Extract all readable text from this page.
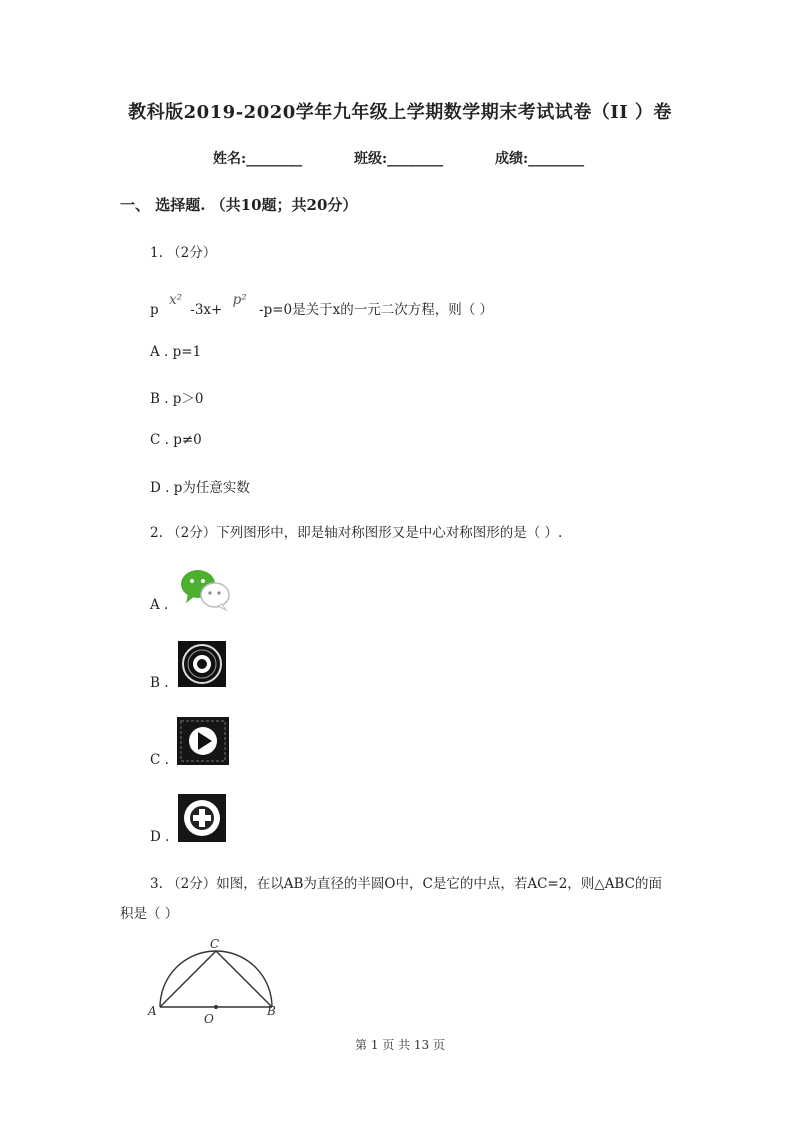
教科版2019-2020学年九年级上学期数学期末考试试卷（II ）卷
姓名:________	班级:________	成绩:________
一、 选择题. （共10题；共20分）
1. （2分）
p x² -3x+ p² -p=0是关于x的一元二次方程，则（ ）
A . p=1
B . p＞0
C . p≠0
D . p为任意实数
2. （2分）下列图形中，即是轴对称图形又是中心对称图形的是（ ）.
A .
B .
C .
D .
3. （2分）如图，在以AB为直径的半圆O中，C是它的中点，若AC=2，则△ABC的面
积是（ ）
C
A	B
O
第 1 页 共 13 页
